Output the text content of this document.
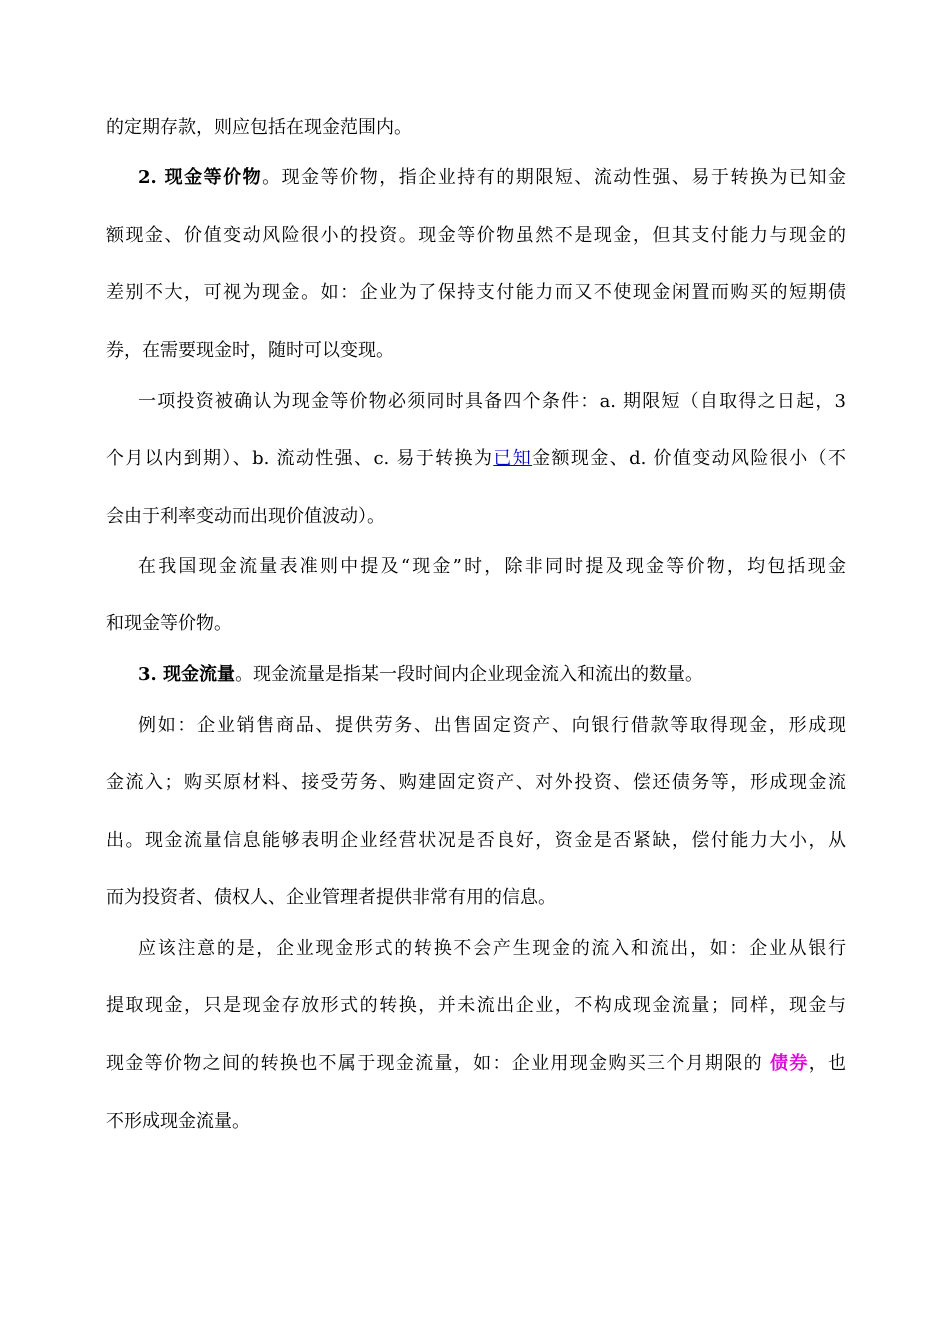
的定期存款，则应包括在现金范围内。
2. 现金等价物。现金等价物，指企业持有的期限短、流动性强、易于转换为已知金
额现金、价值变动风险很小的投资。现金等价物虽然不是现金，但其支付能力与现金的
差别不大，可视为现金。如：企业为了保持支付能力而又不使现金闲置而购买的短期债
券，在需要现金时，随时可以变现。
一项投资被确认为现金等价物必须同时具备四个条件：a. 期限短（自取得之日起，3
个月以内到期）、b. 流动性强、c. 易于转换为已知金额现金、d. 价值变动风险很小（不
会由于利率变动而出现价值波动）。
在我国现金流量表准则中提及“现金”时，除非同时提及现金等价物，均包括现金
和现金等价物。
3. 现金流量。现金流量是指某一段时间内企业现金流入和流出的数量。
例如：企业销售商品、提供劳务、出售固定资产、向银行借款等取得现金，形成现
金流入；购买原材料、接受劳务、购建固定资产、对外投资、偿还债务等，形成现金流
出。现金流量信息能够表明企业经营状况是否良好，资金是否紧缺，偿付能力大小，从
而为投资者、债权人、企业管理者提供非常有用的信息。
应该注意的是，企业现金形式的转换不会产生现金的流入和流出，如：企业从银行
提取现金，只是现金存放形式的转换，并未流出企业，不构成现金流量；同样，现金与
现金等价物之间的转换也不属于现金流量，如：企业用现金购买三个月期限的 债券，也
不形成现金流量。
